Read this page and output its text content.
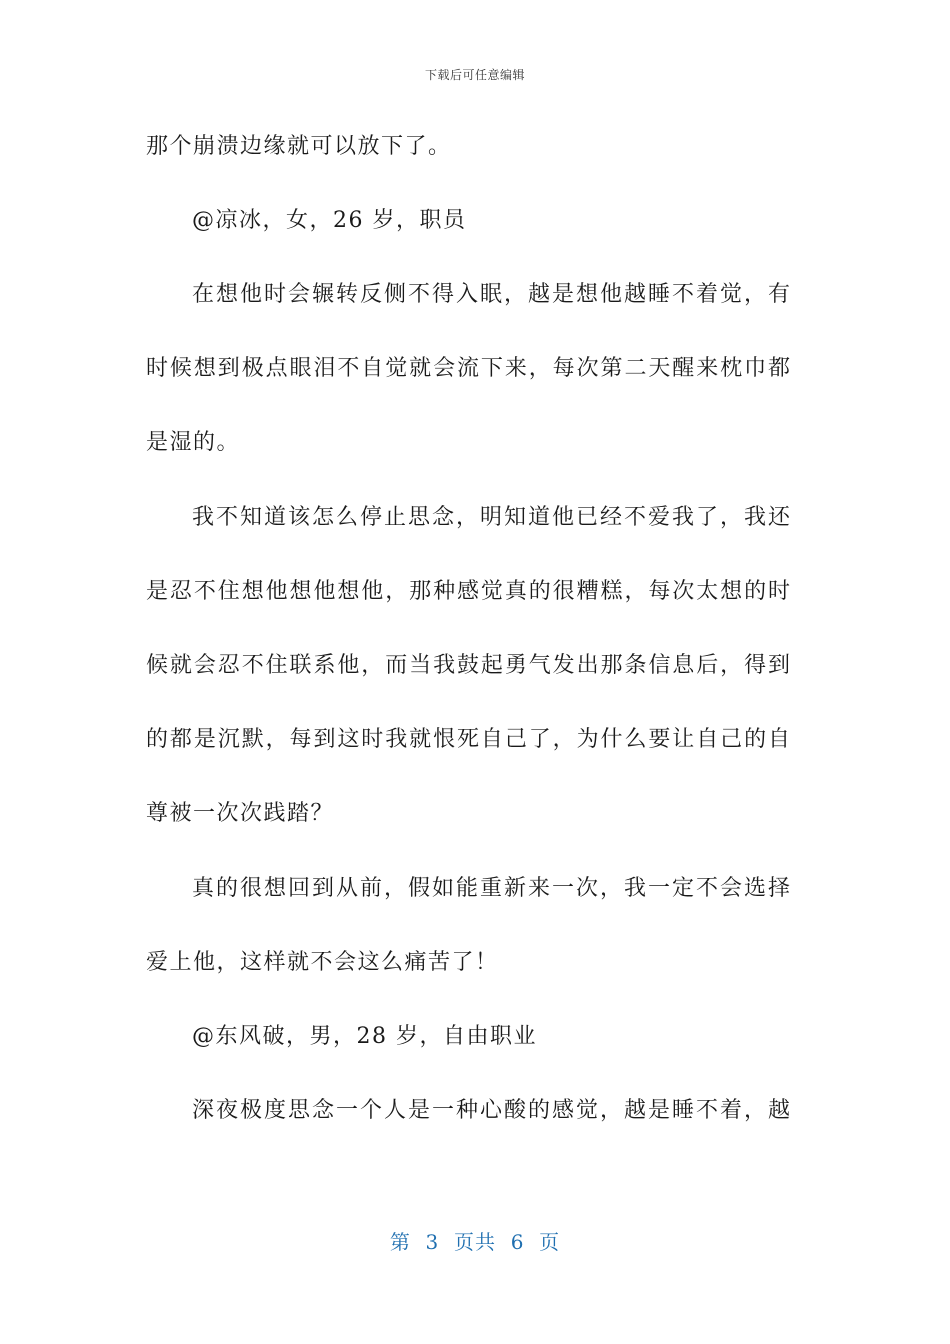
下载后可任意编辑
那个崩溃边缘就可以放下了。
@凉冰，女，26 岁，职员
在想他时会辗转反侧不得入眠，越是想他越睡不着觉，有
时候想到极点眼泪不自觉就会流下来，每次第二天醒来枕巾都
是湿的。
我不知道该怎么停止思念，明知道他已经不爱我了，我还
是忍不住想他想他想他，那种感觉真的很糟糕，每次太想的时
候就会忍不住联系他，而当我鼓起勇气发出那条信息后，得到
的都是沉默，每到这时我就恨死自己了，为什么要让自己的自
尊被一次次践踏？
真的很想回到从前，假如能重新来一次，我一定不会选择
爱上他，这样就不会这么痛苦了！
@东风破，男，28 岁，自由职业
深夜极度思念一个人是一种心酸的感觉，越是睡不着，越
第  3  页共  6  页
